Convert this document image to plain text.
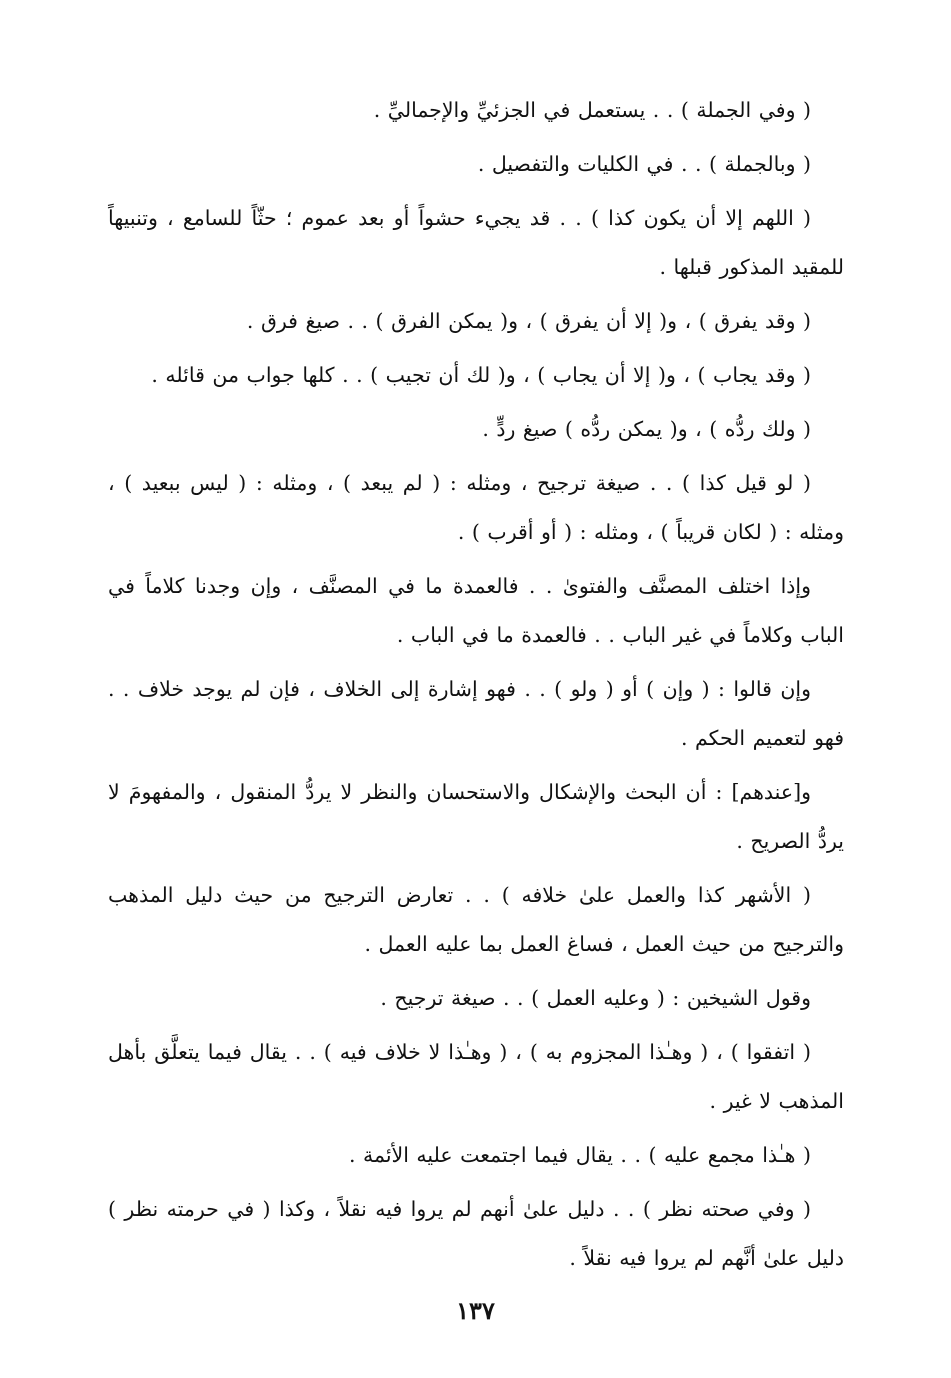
( وفي الجملة ) . . يستعمل في الجزئيِّ والإجماليِّ .

( وبالجملة ) . . في الكليات والتفصيل .

( اللهم إلا أن يكون كذا ) . . قد يجيء حشواً أو بعد عموم ؛ حثّاً للسامع ، وتنبيهاً للمقيد المذكور قبلها .

( وقد يفرق ) ، و( إلا أن يفرق ) ، و( يمكن الفرق ) . . صيغ فرق .

( وقد يجاب ) ، و( إلا أن يجاب ) ، و( لك أن تجيب ) . . كلها جواب من قائله .

( ولك ردُّه ) ، و( يمكن ردُّه ) صيغ ردٍّ .

( لو قيل كذا ) . . صيغة ترجيح ، ومثله : ( لم يبعد ) ، ومثله : ( ليس ببعيد ) ، ومثله : ( لكان قريباً ) ، ومثله : ( أو أقرب ) .

وإذا اختلف المصنَّف والفتوىٰ . . فالعمدة ما في المصنَّف ، وإن وجدنا كلاماً في الباب وكلاماً في غير الباب . . فالعمدة ما في الباب .

وإن قالوا : ( وإن ) أو ( ولو ) . . فهو إشارة إلى الخلاف ، فإن لم يوجد خلاف . . فهو لتعميم الحكم .

و[عندهم] : أن البحث والإشكال والاستحسان والنظر لا يردُّ المنقول ، والمفهومَ لا يردُّ الصريح .

( الأشهر كذا والعمل علىٰ خلافه ) . . تعارض الترجيح من حيث دليل المذهب والترجيح من حيث العمل ، فساغ العمل بما عليه العمل .

وقول الشيخين : ( وعليه العمل ) . . صيغة ترجيح .

( اتفقوا ) ، ( وهـٰذا المجزوم به ) ، ( وهـٰذا لا خلاف فيه ) . . يقال فيما يتعلَّق بأهل المذهب لا غير .

( هـٰذا مجمع عليه ) . . يقال فيما اجتمعت عليه الأئمة .

( وفي صحته نظر ) . . دليل علىٰ أنهم لم يروا فيه نقلاً ، وكذا ( في حرمته نظر ) دليل علىٰ أنَّهم لم يروا فيه نقلاً .

١٣٧
